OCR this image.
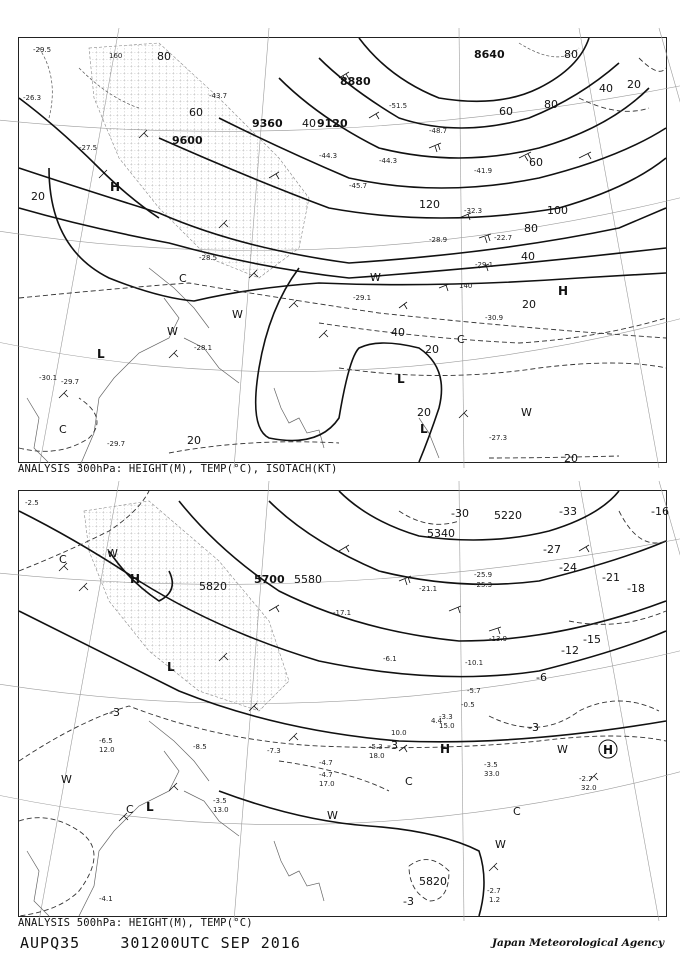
9600
9120
8880
8640
9360
20
20
20
20
20
20
20
40
40
40
40
60	60
60
80
80
80
80
100
120
140
160
H
L
H
L
L
W
W
W
W
C
C
C
-29.5
-26.3
-27.5
-43.7
-44.3
-51.5
-48.7
-45.7
-44.3
-41.9
-32.3
-28.5
-29.7
-30.9
-28.9
-29.1
-27.3
-29.1
-28.1
-30.1
-29.7
-22.7
ANALYSIS 300hPa: HEIGHT(M), TEMP(°C), ISOTACH(KT)
5700 5580
5340
5220
5820
5820
-3
-3
-6
-12
-15
-18
-21
-24
-27
-30	-33
-3
-3
-16
H
L
H	H
L
W
W
W
W
W
C
C	C
C
-2.5
-3.5
-6.5
-5.3
-4.7
-3.3
-5.7
-6.1	-10.1
-25.9
-25.3
-21.1
-13.9
-17.1
-3.5
-2.7
-2.7
-4.1
-4.7
-8.5	-7.3
-0.5
33.0
32.0
18.0
17.0
15.0
13.0
12.0
1.2
4.4
10.0
ANALYSIS 500hPa: HEIGHT(M), TEMP(°C)
AUPQ35	301200UTC SEP 2016	Japan Meteorological Agency
